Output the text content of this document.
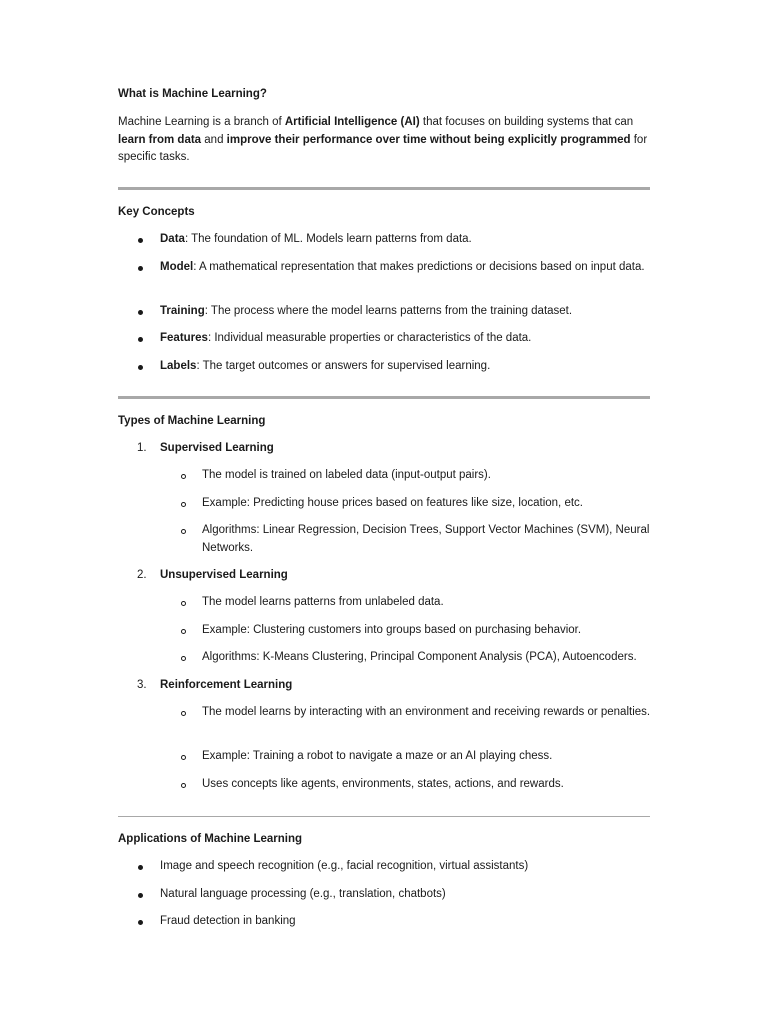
What is Machine Learning?

Machine Learning is a branch of Artificial Intelligence (AI) that focuses on building systems that can learn from data and improve their performance over time without being explicitly programmed for specific tasks.

Key Concepts
Data: The foundation of ML. Models learn patterns from data.
Model: A mathematical representation that makes predictions or decisions based on input data.
Training: The process where the model learns patterns from the training dataset.
Features: Individual measurable properties or characteristics of the data.
Labels: The target outcomes or answers for supervised learning.
Types of Machine Learning
1. Supervised Learning
The model is trained on labeled data (input-output pairs).
Example: Predicting house prices based on features like size, location, etc.
Algorithms: Linear Regression, Decision Trees, Support Vector Machines (SVM), Neural Networks.
2. Unsupervised Learning
The model learns patterns from unlabeled data.
Example: Clustering customers into groups based on purchasing behavior.
Algorithms: K-Means Clustering, Principal Component Analysis (PCA), Autoencoders.
3. Reinforcement Learning
The model learns by interacting with an environment and receiving rewards or penalties.
Example: Training a robot to navigate a maze or an AI playing chess.
Uses concepts like agents, environments, states, actions, and rewards.
Applications of Machine Learning
Image and speech recognition (e.g., facial recognition, virtual assistants)
Natural language processing (e.g., translation, chatbots)
Fraud detection in banking
